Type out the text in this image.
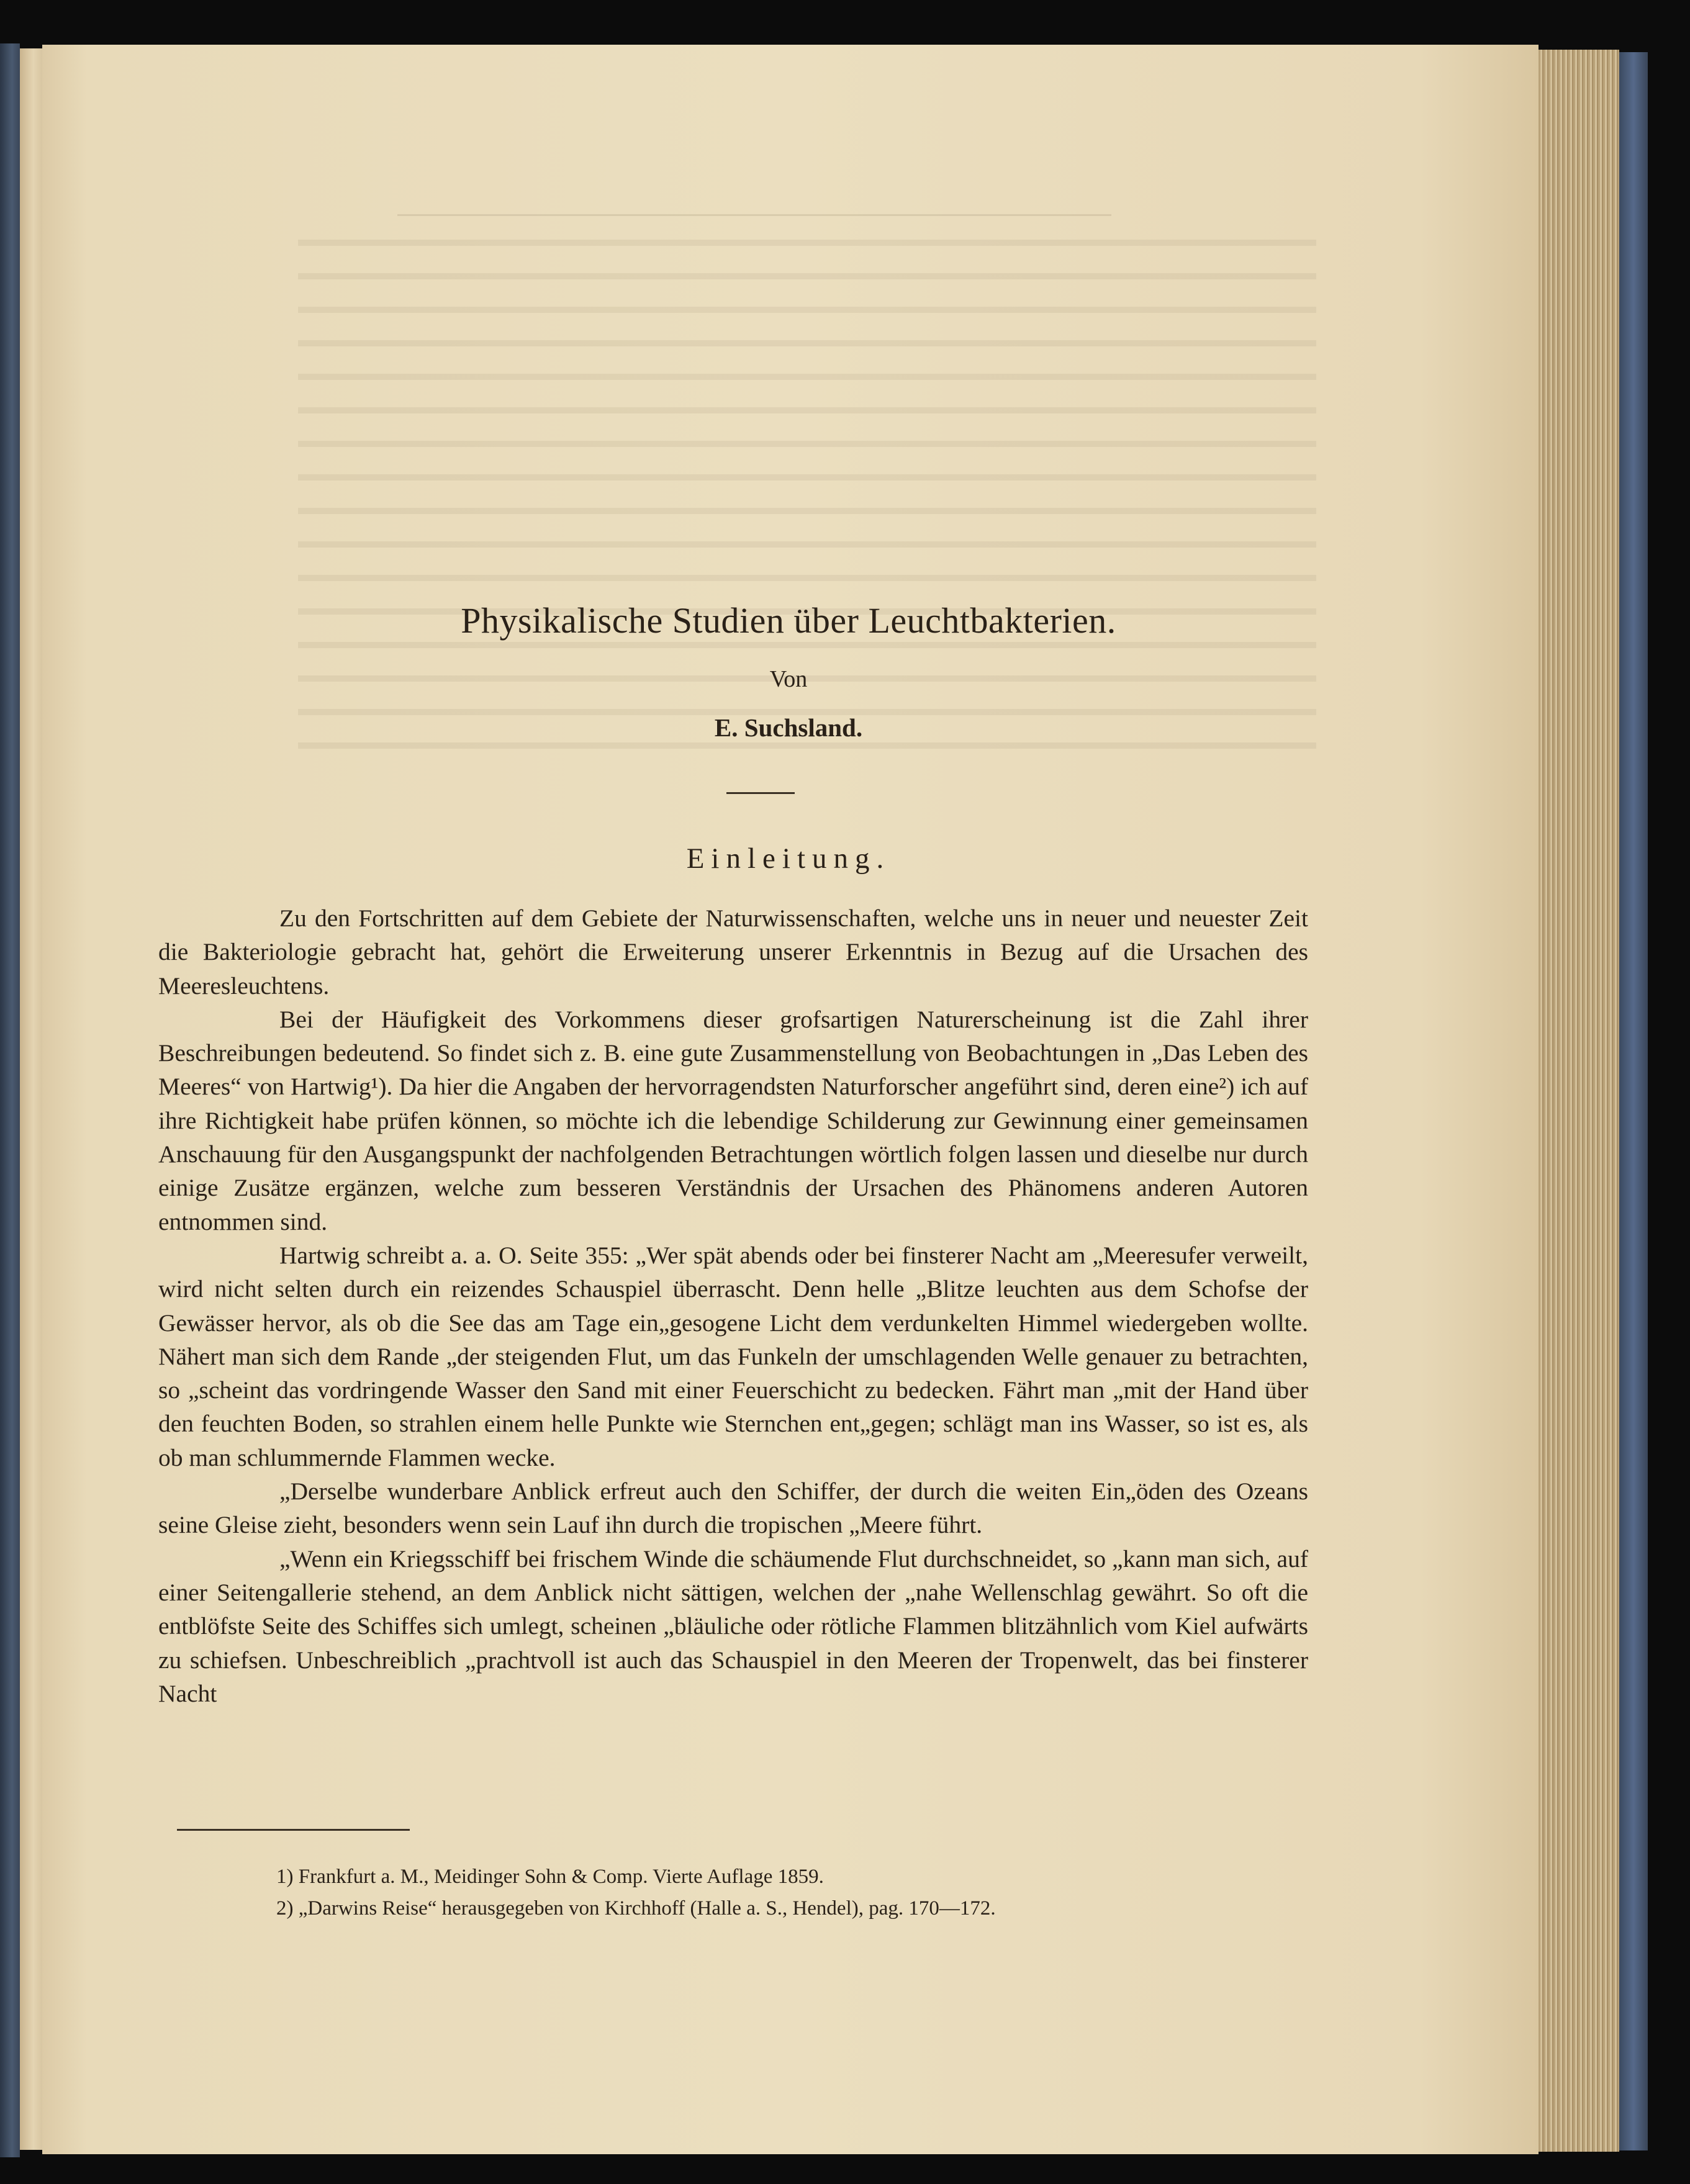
Physikalische Studien über Leuchtbakterien.
Von
E. Suchsland.
Einleitung.

Zu den Fortschritten auf dem Gebiete der Naturwissenschaften, welche uns in neuer und neuester Zeit die Bakteriologie gebracht hat, gehört die Erweiterung unserer Erkenntnis in Bezug auf die Ursachen des Meeresleuchtens.

Bei der Häufigkeit des Vorkommens dieser grofsartigen Naturerscheinung ist die Zahl ihrer Beschreibungen bedeutend. So findet sich z. B. eine gute Zusammenstellung von Beobachtungen in „Das Leben des Meeres“ von Hartwig¹). Da hier die Angaben der hervorragendsten Naturforscher angeführt sind, deren eine²) ich auf ihre Richtigkeit habe prüfen können, so möchte ich die lebendige Schilderung zur Gewinnung einer gemeinsamen Anschauung für den Ausgangspunkt der nachfolgenden Betrachtungen wörtlich folgen lassen und dieselbe nur durch einige Zusätze ergänzen, welche zum besseren Verständnis der Ursachen des Phänomens anderen Autoren entnommen sind.

Hartwig schreibt a. a. O. Seite 355: „Wer spät abends oder bei finsterer Nacht am „Meeresufer verweilt, wird nicht selten durch ein reizendes Schauspiel überrascht. Denn helle „Blitze leuchten aus dem Schofse der Gewässer hervor, als ob die See das am Tage ein„gesogene Licht dem verdunkelten Himmel wiedergeben wollte. Nähert man sich dem Rande „der steigenden Flut, um das Funkeln der umschlagenden Welle genauer zu betrachten, so „scheint das vordringende Wasser den Sand mit einer Feuerschicht zu bedecken. Fährt man „mit der Hand über den feuchten Boden, so strahlen einem helle Punkte wie Sternchen ent„gegen; schlägt man ins Wasser, so ist es, als ob man schlummernde Flammen wecke.

„Derselbe wunderbare Anblick erfreut auch den Schiffer, der durch die weiten Ein„öden des Ozeans seine Gleise zieht, besonders wenn sein Lauf ihn durch die tropischen „Meere führt.

„Wenn ein Kriegsschiff bei frischem Winde die schäumende Flut durchschneidet, so „kann man sich, auf einer Seitengallerie stehend, an dem Anblick nicht sättigen, welchen der „nahe Wellenschlag gewährt. So oft die entblöfste Seite des Schiffes sich umlegt, scheinen „bläuliche oder rötliche Flammen blitzähnlich vom Kiel aufwärts zu schiefsen. Unbeschreiblich „prachtvoll ist auch das Schauspiel in den Meeren der Tropenwelt, das bei finsterer Nacht

1) Frankfurt a. M., Meidinger Sohn & Comp. Vierte Auflage 1859.
2) „Darwins Reise“ herausgegeben von Kirchhoff (Halle a. S., Hendel), pag. 170—172.
